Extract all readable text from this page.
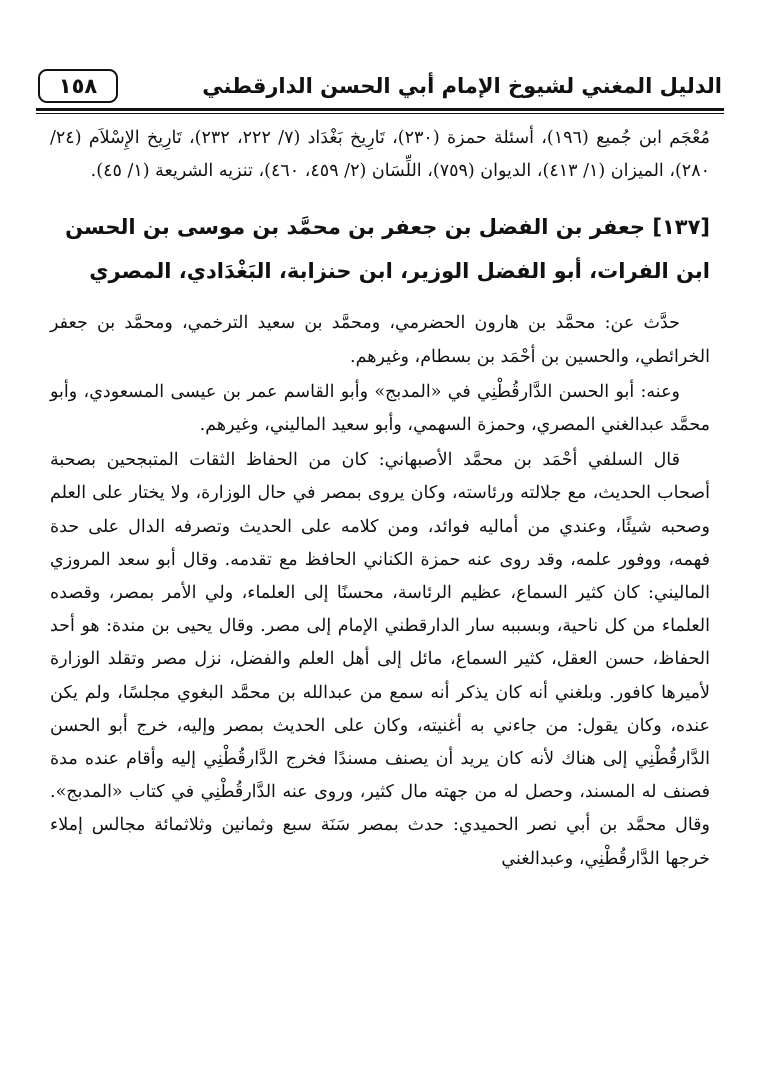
الدليل المغني لشيوخ الإمام أبي الحسن الدارقطني
١٥٨

مُعْجَم ابن جُميع (١٩٦)، أسئلة حمزة (٢٣٠)، تَارِيخ بَغْدَاد (٧/ ٢٢٢، ٢٣٢)، تَارِيخ الإِسْلاَم (٢٤/ ٢٨٠)، الميزان (١/ ٤١٣)، الديوان (٧٥٩)، اللِّسَان (٢/ ٤٥٩، ٤٦٠)، تنزيه الشريعة (١/ ٤٥).

[١٣٧] جعفر بن الفضل بن جعفر بن محمَّد بن موسى بن الحسن
ابن الفرات، أبو الفضل الوزير، ابن حنزابة، البَغْدَادي، المصري

حدَّث عن: محمَّد بن هارون الحضرمي، ومحمَّد بن سعيد الترخمي، ومحمَّد بن جعفر الخرائطي، والحسين بن أحْمَد بن بسطام، وغيرهم.

وعنه: أبو الحسن الدَّارقُطْنِي في «المدبج» وأبو القاسم عمر بن عيسى المسعودي، وأبو محمَّد عبدالغني المصري، وحمزة السهمي، وأبو سعيد الماليني، وغيرهم.

قال السلفي أحْمَد بن محمَّد الأصبهاني: كان من الحفاظ الثقات المتبجحين بصحبة أصحاب الحديث، مع جلالته ورئاسته، وكان يروى بمصر في حال الوزارة، ولا يختار على العلم وصحبه شيئًا، وعندي من أماليه فوائد، ومن كلامه على الحديث وتصرفه الدال على حدة فهمه، ووفور علمه، وقد روى عنه حمزة الكناني الحافظ مع تقدمه. وقال أبو سعد المروزي الماليني: كان كثير السماع، عظيم الرئاسة، محسنًا إلى العلماء، ولي الأمر بمصر، وقصده العلماء من كل ناحية، وبسببه سار الدارقطني الإمام إلى مصر. وقال يحيى بن مندة: هو أحد الحفاظ، حسن العقل، كثير السماع، مائل إلى أهل العلم والفضل، نزل مصر وتقلد الوزارة لأميرها كافور. وبلغني أنه كان يذكر أنه سمع من عبدالله بن محمَّد البغوي مجلسًا، ولم يكن عنده، وكان يقول: من جاءني به أغنيته، وكان على الحديث بمصر وإليه، خرج أبو الحسن الدَّارقُطْنِي إلى هناك لأنه كان يريد أن يصنف مسندًا فخرج الدَّارقُطْنِي إليه وأقام عنده مدة فصنف له المسند، وحصل له من جهته مال كثير، وروى عنه الدَّارقُطْنِي في كتاب «المدبج». وقال محمَّد بن أبي نصر الحميدي: حدث بمصر سَنَة سبع وثمانين وثلاثمائة مجالس إملاء خرجها الدَّارقُطْنِي، وعبدالغني
